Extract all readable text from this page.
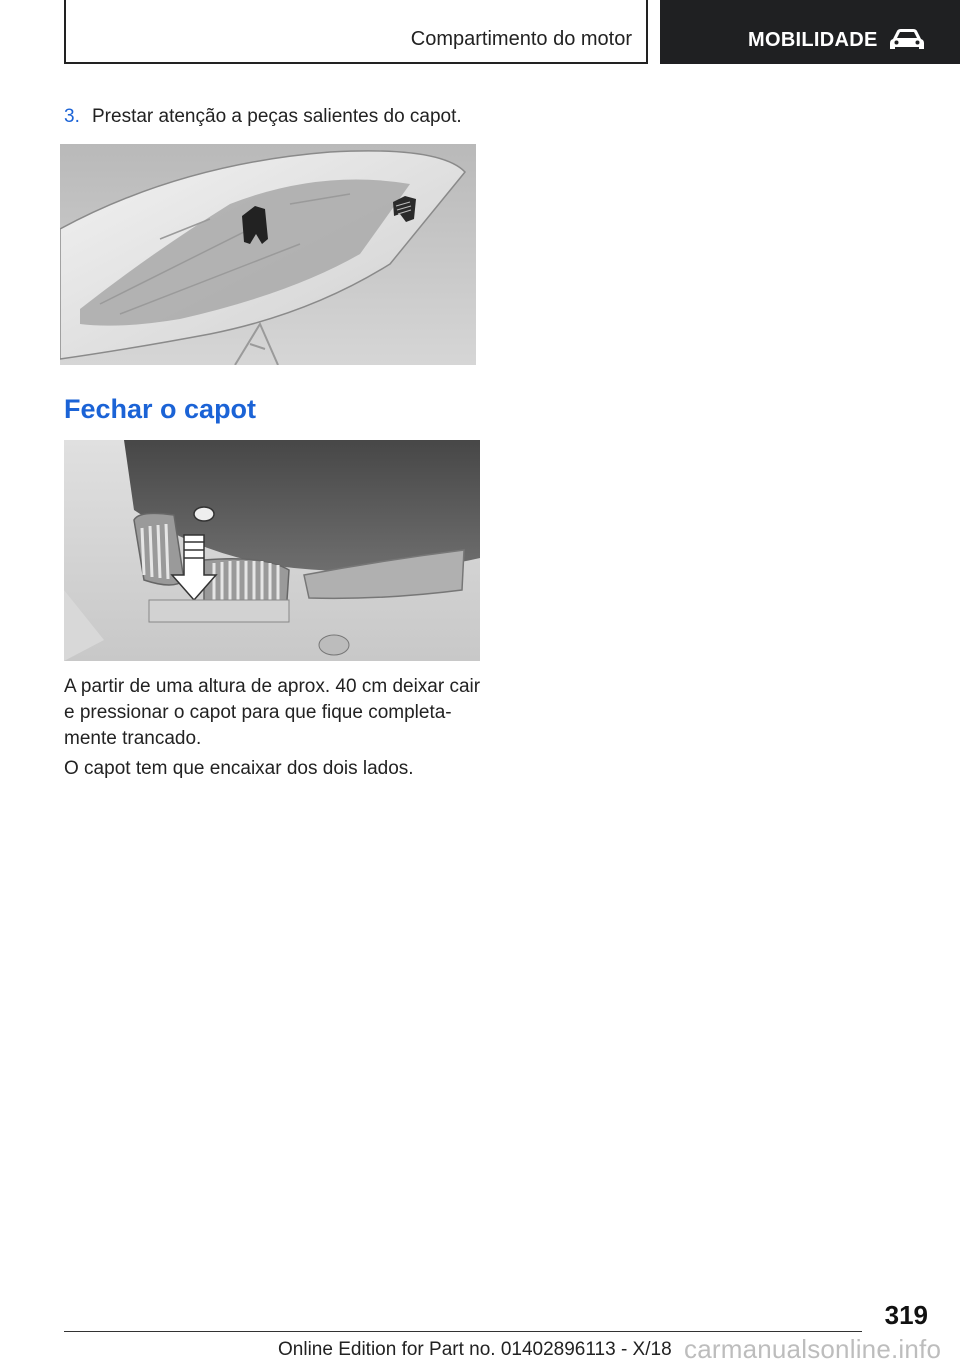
Compartimento do motor	MOBILIDADE
3. Prestar atenção a peças salientes do capot.
Fechar o capot
A partir de uma altura de aprox. 40 cm deixar cair e pressionar o capot para que fique completa-mente trancado.
O capot tem que encaixar dos dois lados.
319
Online Edition for Part no. 01402896113 - X/18 carmanualsonline.info
